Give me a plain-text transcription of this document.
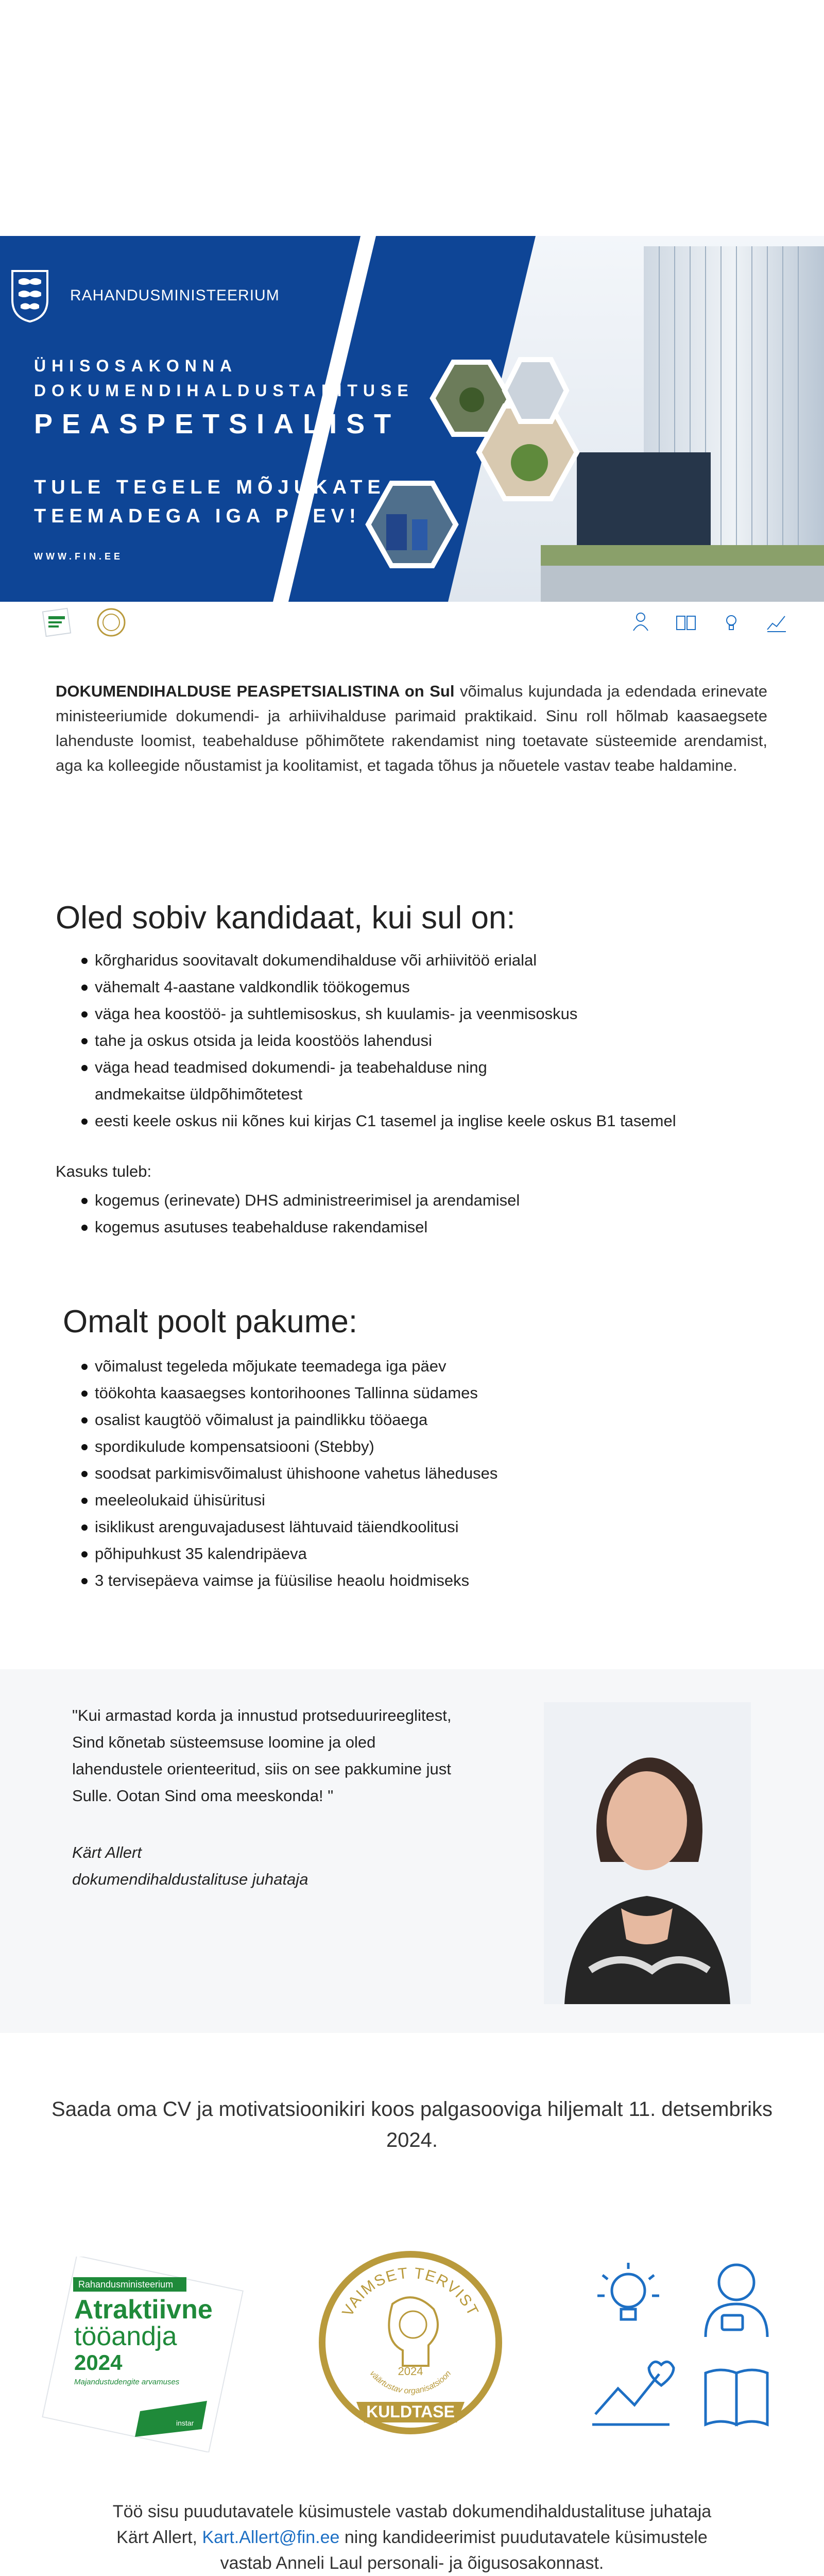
RAHANDUSMINISTEERIUM
ÜHISOSAKONNA
DOKUMENDIHALDUSTALITUSE
PEASPETSIALIST
TULE TEGELE MÕJUKATE
TEEMADEGA IGA PÄEV!
WWW.FIN.EE

DOKUMENDIHALDUSE PEASPETSIALISTINA on Sul võimalus kujundada ja edendada erinevate ministeeriumide dokumendi- ja arhiivihalduse parimaid praktikaid. Sinu roll hõlmab kaasaegsete lahenduste loomist, teabehalduse põhimõtete rakendamist ning toetavate süsteemide arendamist, aga ka kolleegide nõustamist ja koolitamist, et tagada tõhus ja nõuetele vastav teabe haldamine.

Oled sobiv kandidaat, kui sul on:
kõrgharidus soovitavalt dokumendihalduse või arhiivitöö erialal
vähemalt 4-aastane valdkondlik töökogemus
väga hea koostöö- ja suhtlemisoskus, sh kuulamis- ja veenmisoskus
tahe ja oskus otsida ja leida koostöös lahendusi
väga head teadmised dokumendi- ja teabehalduse ning
andmekaitse üldpõhimõtetest
eesti keele oskus nii kõnes kui kirjas C1 tasemel ja inglise keele oskus B1 tasemel
Kasuks tuleb:
kogemus (erinevate) DHS administreerimisel ja arendamisel
kogemus asutuses teabehalduse rakendamisel
Omalt poolt pakume:
võimalust tegeleda mõjukate teemadega iga päev
töökohta kaasaegses kontorihoones Tallinna südames
osalist kaugtöö võimalust ja paindlikku tööaega
spordikulude kompensatsiooni (Stebby)
soodsat parkimisvõimalust ühishoone vahetus läheduses
meeleolukaid ühisüritusi
isiklikust arenguvajadusest lähtuvaid täiendkoolitusi
põhipuhkust 35 kalendripäeva
3 tervisepäeva vaimse ja füüsilise heaolu hoidmiseks
"Kui armastad korda ja innustud protseduurireeglitest,
Sind kõnetab süsteemsuse loomine ja oled
lahendustele orienteeritud, siis on see pakkumine just
Sulle. Ootan Sind oma meeskonda! "
Kärt Allert
dokumendihaldustalituse juhataja
Saada oma CV ja motivatsioonikiri koos palgasooviga hiljemalt 11. detsembriks
2024.
Rahandusministeerium
Atraktiivne
tööandja
2024
Majandustudengite arvamuses
instar
VAIMSET TERVIST
2024
väärtustav organisatsioon
KULDTASE
Töö sisu puudutavatele küsimustele vastab dokumendihaldustalituse juhataja
Kärt Allert, Kart.Allert@fin.ee ning kandideerimist puudutavatele küsimustele
vastab Anneli Laul personali- ja õigusosakonnast.
